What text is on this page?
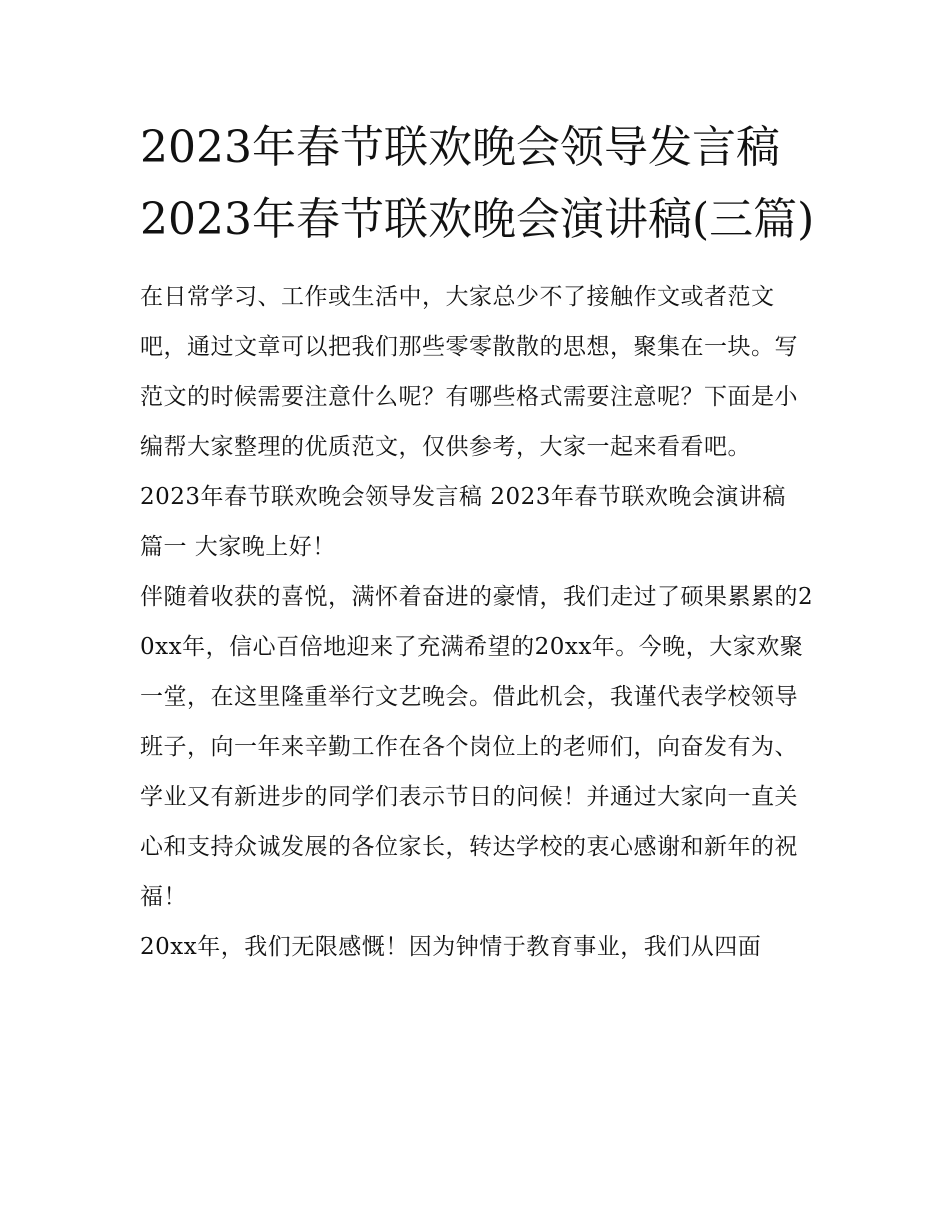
2023年春节联欢晚会领导发言稿 2023年春节联欢晚会演讲稿(三篇)

在日常学习、工作或生活中，大家总少不了接触作文或者范文吧，通过文章可以把我们那些零零散散的思想，聚集在一块。写范文的时候需要注意什么呢？有哪些格式需要注意呢？下面是小编帮大家整理的优质范文，仅供参考，大家一起来看看吧。

2023年春节联欢晚会领导发言稿 2023年春节联欢晚会演讲稿

篇一 大家晚上好！

伴随着收获的喜悦，满怀着奋进的豪情，我们走过了硕果累累的20xx年，信心百倍地迎来了充满希望的20xx年。今晚，大家欢聚一堂，在这里隆重举行文艺晚会。借此机会，我谨代表学校领导班子，向一年来辛勤工作在各个岗位上的老师们，向奋发有为、学业又有新进步的同学们表示节日的问候！并通过大家向一直关心和支持众诚发展的各位家长，转达学校的衷心感谢和新年的祝福！

20xx年，我们无限感慨！因为钟情于教育事业，我们从四面
